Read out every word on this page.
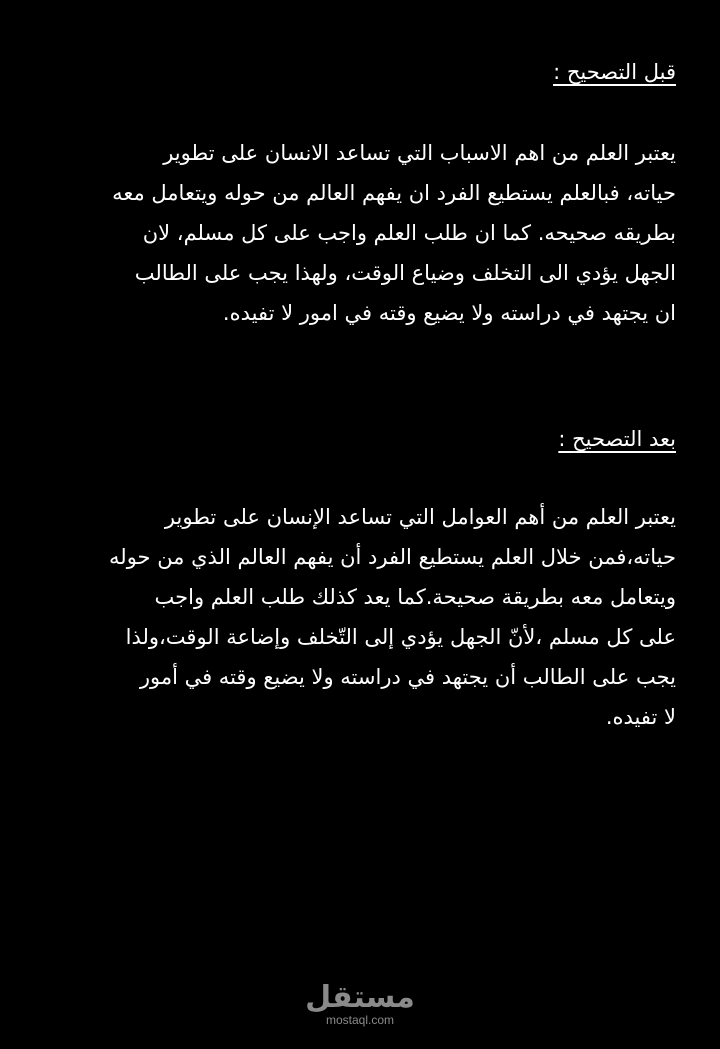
قبل التصحيح :

يعتبر العلم من اهم الاسباب التي تساعد الانسان على تطوير
حياته، فبالعلم يستطيع الفرد ان يفهم العالم من حوله ويتعامل معه
بطريقه صحيحه. كما ان طلب العلم واجب على كل مسلم، لان
الجهل يؤدي الى التخلف وضياع الوقت، ولهذا يجب على الطالب
ان يجتهد في دراسته ولا يضيع وقته في امور لا تفيده.

بعد التصحيح :

يعتبر العلم من أهم العوامل التي تساعد الإنسان على تطوير
حياته،فمن خلال العلم يستطيع الفرد أن يفهم العالم الذي من حوله
ويتعامل معه بطريقة صحيحة.كما يعد كذلك طلب العلم واجب
على كل مسلم ،لأنّ الجهل يؤدي إلى التّخلف وإضاعة الوقت،ولذا
يجب على الطالب أن يجتهد في دراسته ولا يضيع وقته في أمور
لا تفيده.

مستقل
mostaql.com
